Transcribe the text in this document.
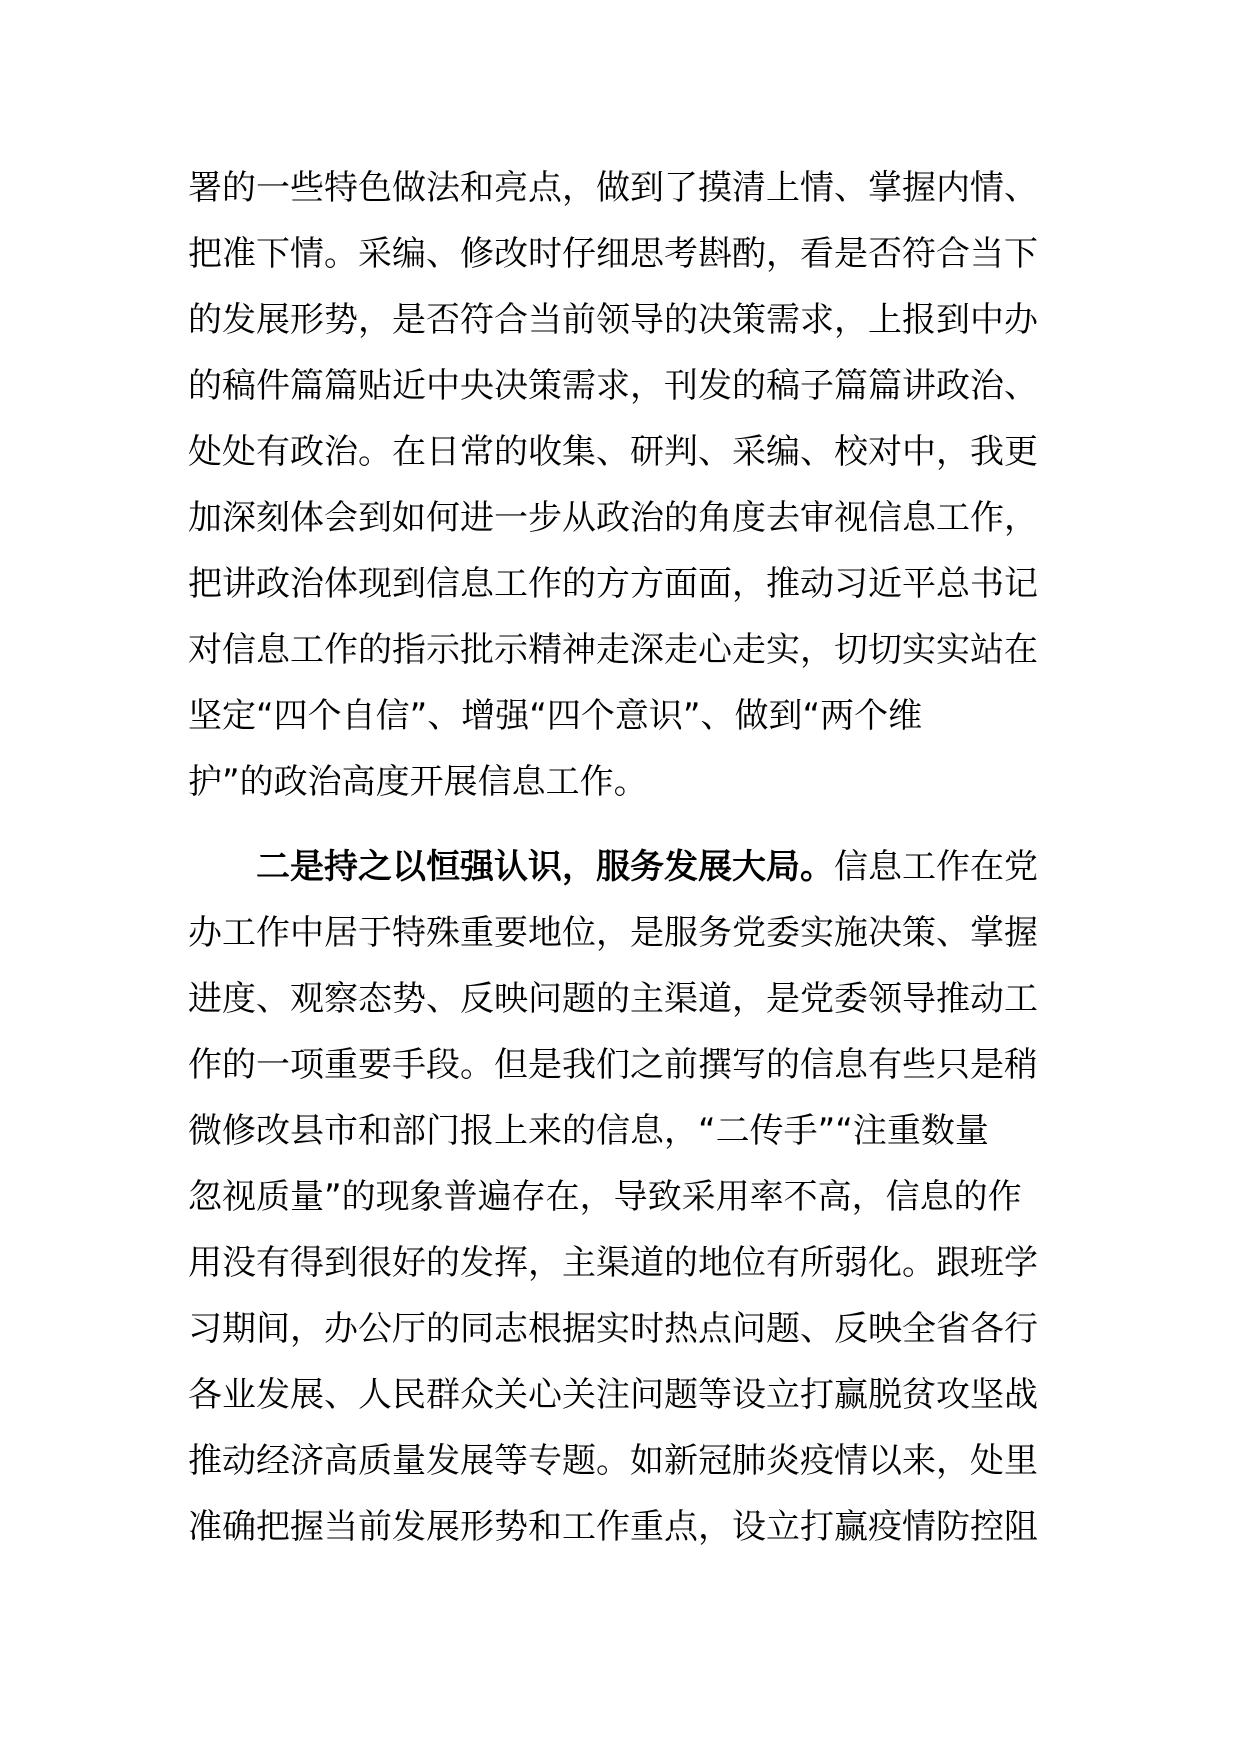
署的一些特色做法和亮点，做到了摸清上情、掌握内情、
把准下情。采编、修改时仔细思考斟酌，看是否符合当下
的发展形势，是否符合当前领导的决策需求，上报到中办
的稿件篇篇贴近中央决策需求，刊发的稿子篇篇讲政治、
处处有政治。在日常的收集、研判、采编、校对中，我更
加深刻体会到如何进一步从政治的角度去审视信息工作，
把讲政治体现到信息工作的方方面面，推动习近平总书记
对信息工作的指示批示精神走深走心走实，切切实实站在
坚定“四个自信”、增强“四个意识”、做到“两个维
护”的政治高度开展信息工作。
二是持之以恒强认识，服务发展大局。信息工作在党
办工作中居于特殊重要地位，是服务党委实施决策、掌握
进度、观察态势、反映问题的主渠道，是党委领导推动工
作的一项重要手段。但是我们之前撰写的信息有些只是稍
微修改县市和部门报上来的信息，“二传手”“注重数量
忽视质量”的现象普遍存在，导致采用率不高，信息的作
用没有得到很好的发挥，主渠道的地位有所弱化。跟班学
习期间，办公厅的同志根据实时热点问题、反映全省各行
各业发展、人民群众关心关注问题等设立打赢脱贫攻坚战
推动经济高质量发展等专题。如新冠肺炎疫情以来，处里
准确把握当前发展形势和工作重点，设立打赢疫情防控阻
